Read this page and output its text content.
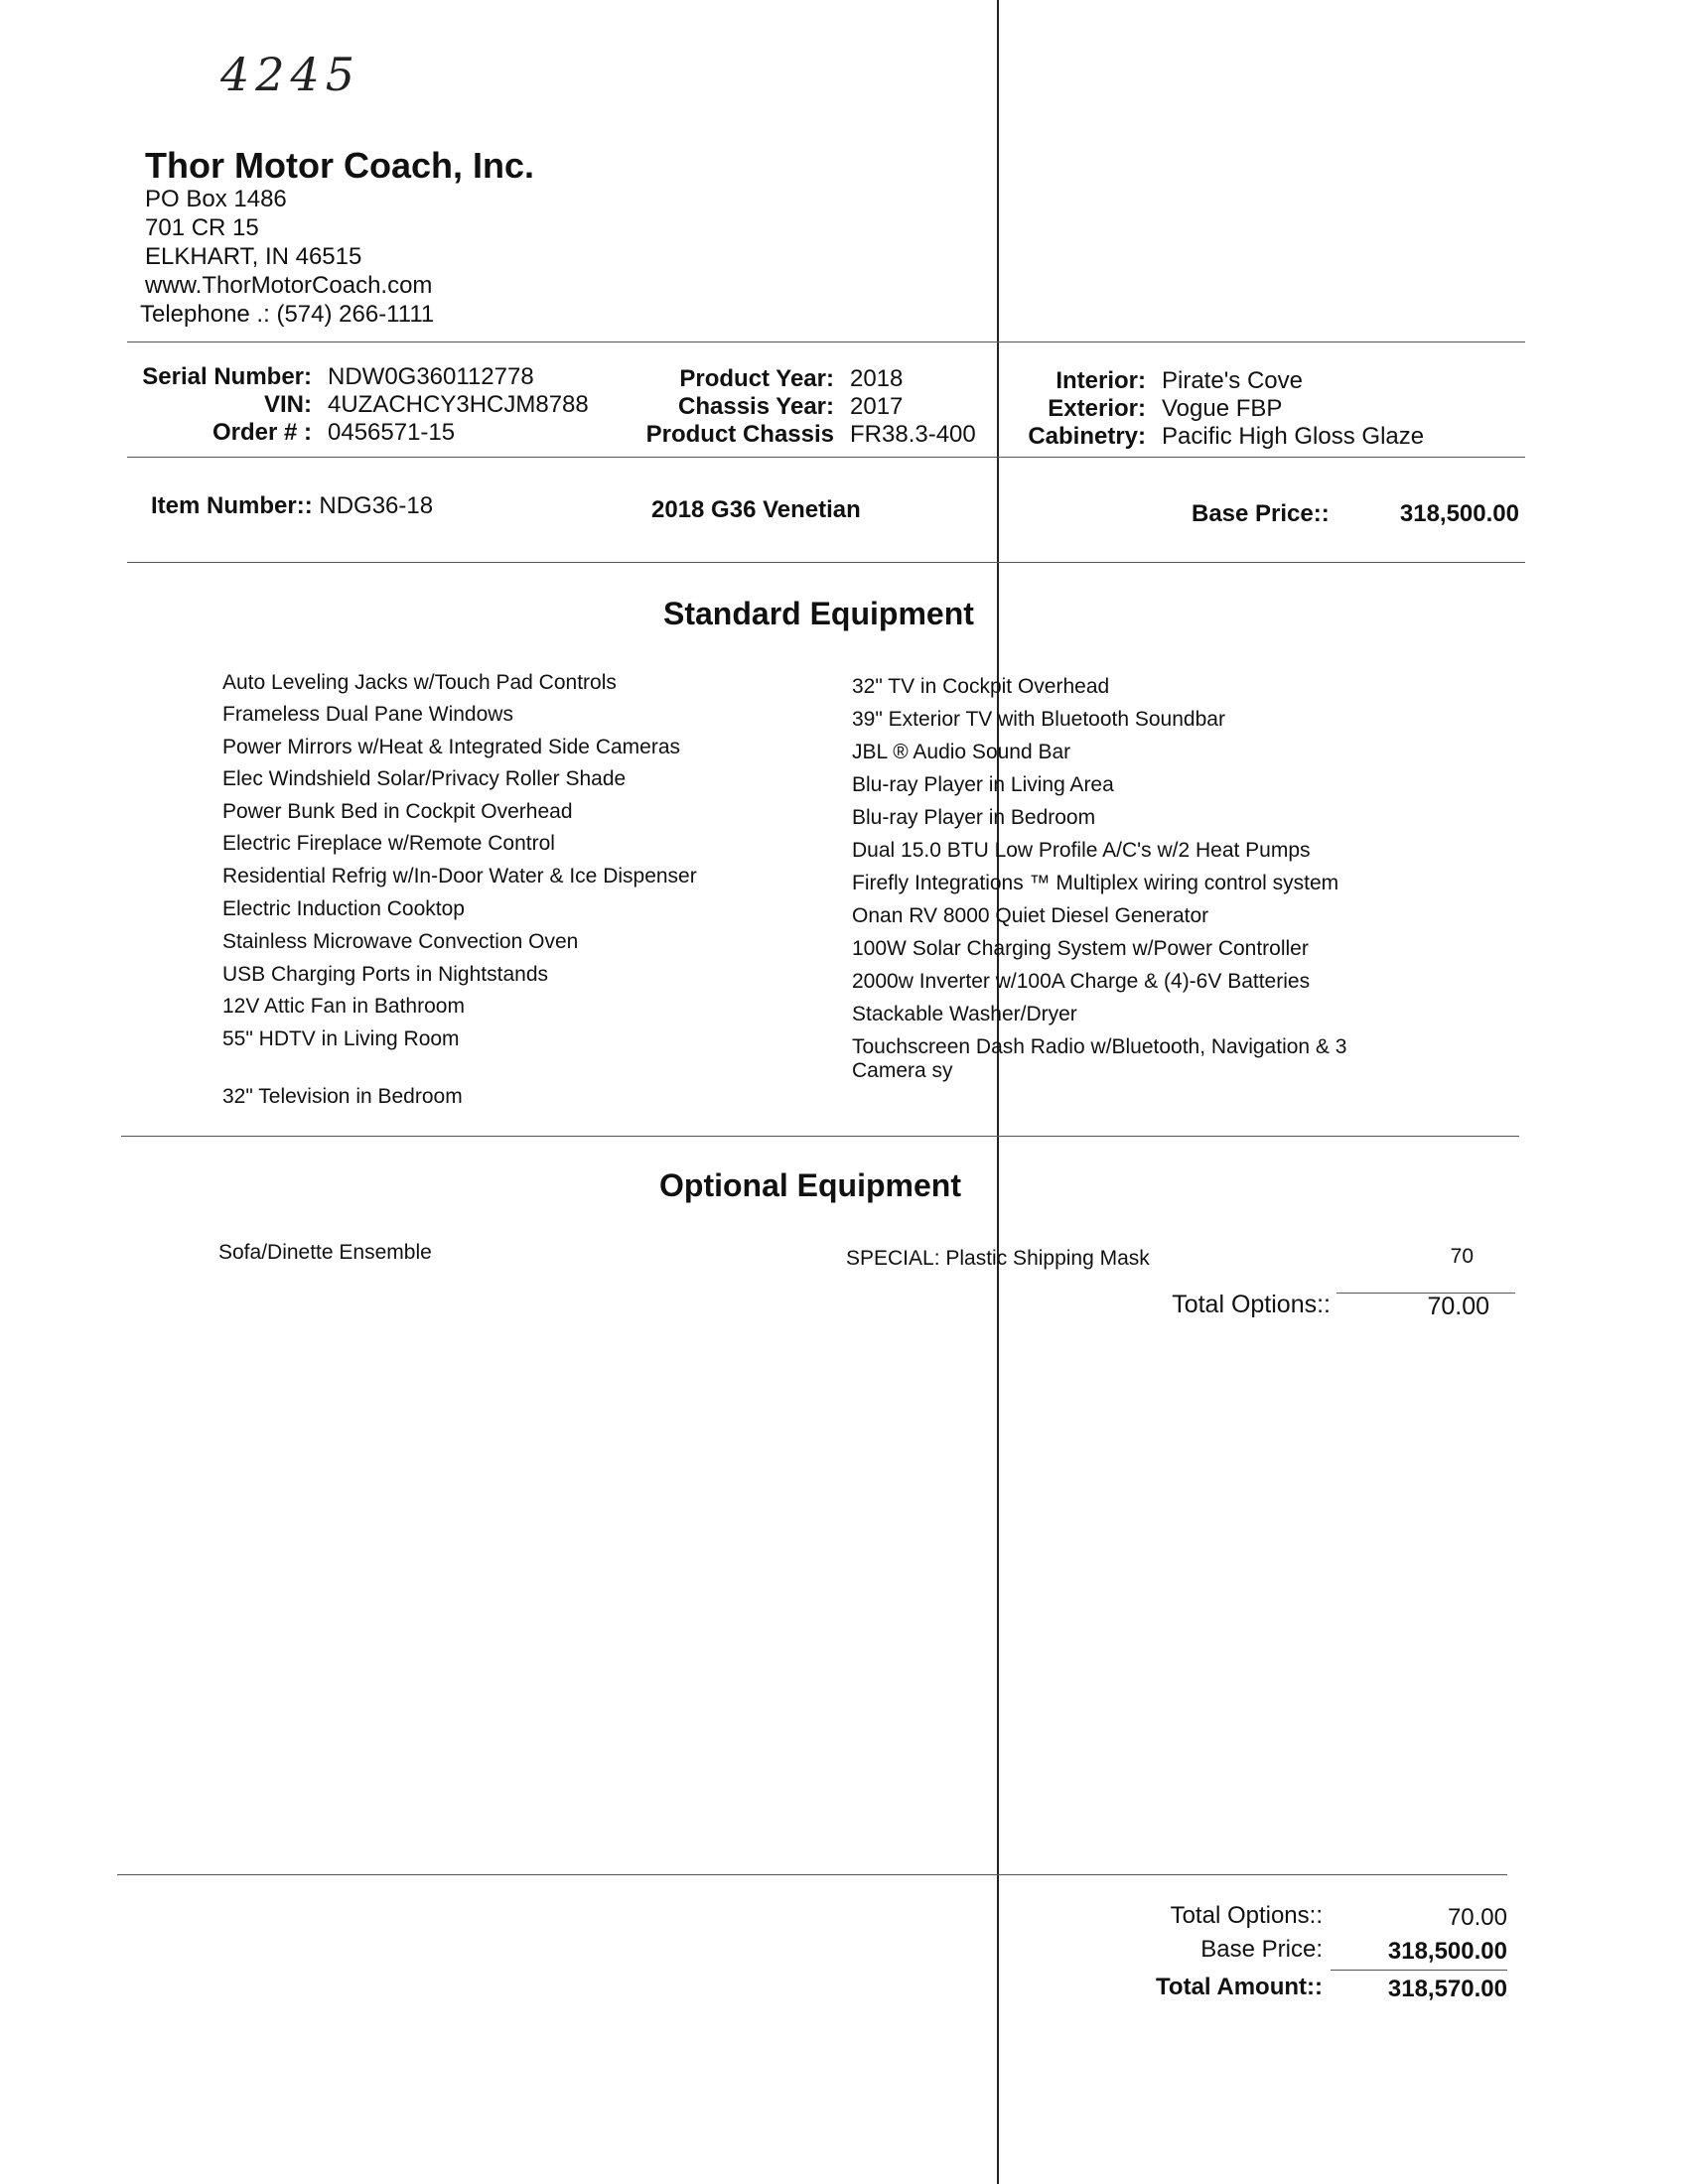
4245
Thor Motor Coach, Inc.
PO Box 1486
701 CR 15
ELKHART, IN 46515
www.ThorMotorCoach.com
Telephone .: (574) 266-1111
Serial Number: NDW0G360112778
VIN: 4UZACHCY3HCJM8788
Order # : 0456571-15
Product Year: 2018
Chassis Year: 2017
Product Chassis FR38.3-400
Interior: Pirate's Cove
Exterior: Vogue FBP
Cabinetry: Pacific High Gloss Glaze
Item Number:: NDG36-18	2018 G36 Venetian	Base Price::	318,500.00
Standard Equipment
Auto Leveling Jacks w/Touch Pad Controls
Frameless Dual Pane Windows
Power Mirrors w/Heat & Integrated Side Cameras
Elec Windshield Solar/Privacy Roller Shade
Power Bunk Bed in Cockpit Overhead
Electric Fireplace w/Remote Control
Residential Refrig w/In-Door Water & Ice Dispenser
Electric Induction Cooktop
Stainless Microwave Convection Oven
USB Charging Ports in Nightstands
12V Attic Fan in Bathroom
55" HDTV in Living Room
32" Television in Bedroom
32" TV in Cockpit Overhead
39" Exterior TV with Bluetooth Soundbar
JBL ® Audio Sound Bar
Blu-ray Player in Living Area
Blu-ray Player in Bedroom
Dual 15.0 BTU Low Profile A/C's w/2 Heat Pumps
Firefly Integrations ™ Multiplex wiring control system
Onan RV 8000 Quiet Diesel Generator
100W Solar Charging System w/Power Controller
2000w Inverter w/100A Charge & (4)-6V Batteries
Stackable Washer/Dryer
Touchscreen Dash Radio w/Bluetooth, Navigation & 3
Camera sy
Optional Equipment
Sofa/Dinette Ensemble	SPECIAL: Plastic Shipping Mask	70
Total Options::	70.00
Total Options::	70.00
Base Price:	318,500.00
Total Amount::	318,570.00
